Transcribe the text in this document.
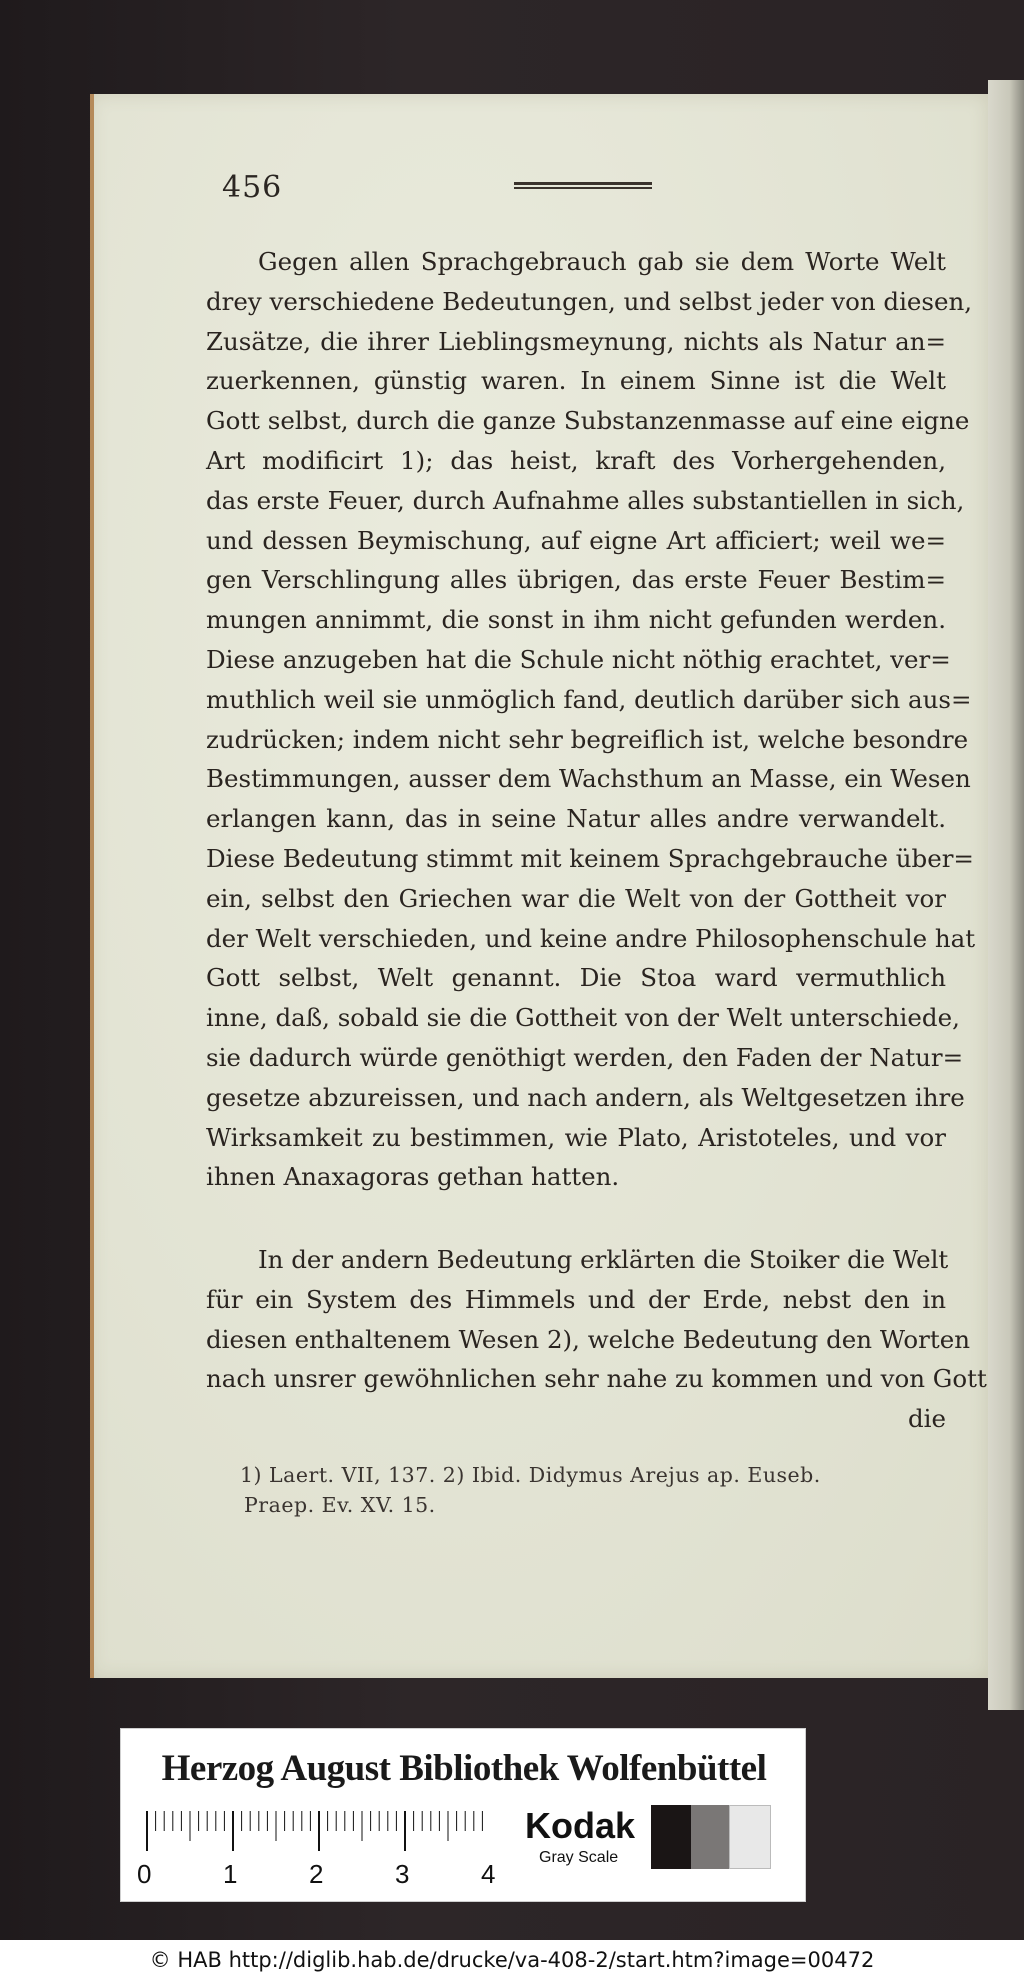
456
Gegen allen Sprachgebrauch gab sie dem Worte Welt
drey verschiedene Bedeutungen, und selbst jeder von diesen,
Zusätze, die ihrer Lieblingsmeynung, nichts als Natur an=
zuerkennen, günstig waren. In einem Sinne ist die Welt
Gott selbst, durch die ganze Substanzenmasse auf eine eigne
Art modificirt 1); das heist, kraft des Vorhergehenden,
das erste Feuer, durch Aufnahme alles substantiellen in sich,
und dessen Beymischung, auf eigne Art afficiert; weil we=
gen Verschlingung alles übrigen, das erste Feuer Bestim=
mungen annimmt, die sonst in ihm nicht gefunden werden.
Diese anzugeben hat die Schule nicht nöthig erachtet, ver=
muthlich weil sie unmöglich fand, deutlich darüber sich aus=
zudrücken; indem nicht sehr begreiflich ist, welche besondre
Bestimmungen, ausser dem Wachsthum an Masse, ein Wesen
erlangen kann, das in seine Natur alles andre verwandelt.
Diese Bedeutung stimmt mit keinem Sprachgebrauche über=
ein, selbst den Griechen war die Welt von der Gottheit vor
der Welt verschieden, und keine andre Philosophenschule hat
Gott selbst, Welt genannt. Die Stoa ward vermuthlich
inne, daß, sobald sie die Gottheit von der Welt unterschiede,
sie dadurch würde genöthigt werden, den Faden der Natur=
gesetze abzureissen, und nach andern, als Weltgesetzen ihre
Wirksamkeit zu bestimmen, wie Plato, Aristoteles, und vor
ihnen Anaxagoras gethan hatten.
In der andern Bedeutung erklärten die Stoiker die Welt
für ein System des Himmels und der Erde, nebst den in
diesen enthaltenem Wesen 2), welche Bedeutung den Worten
nach unsrer gewöhnlichen sehr nahe zu kommen und von Gott
die
1) Laert. VII, 137. 2) Ibid. Didymus Arejus ap. Euseb.
Praep. Ev. XV. 15.
Herzog August Bibliothek Wolfenbüttel
0	1	2	3	4
Kodak
Gray Scale
© HAB http://diglib.hab.de/drucke/va-408-2/start.htm?image=00472
